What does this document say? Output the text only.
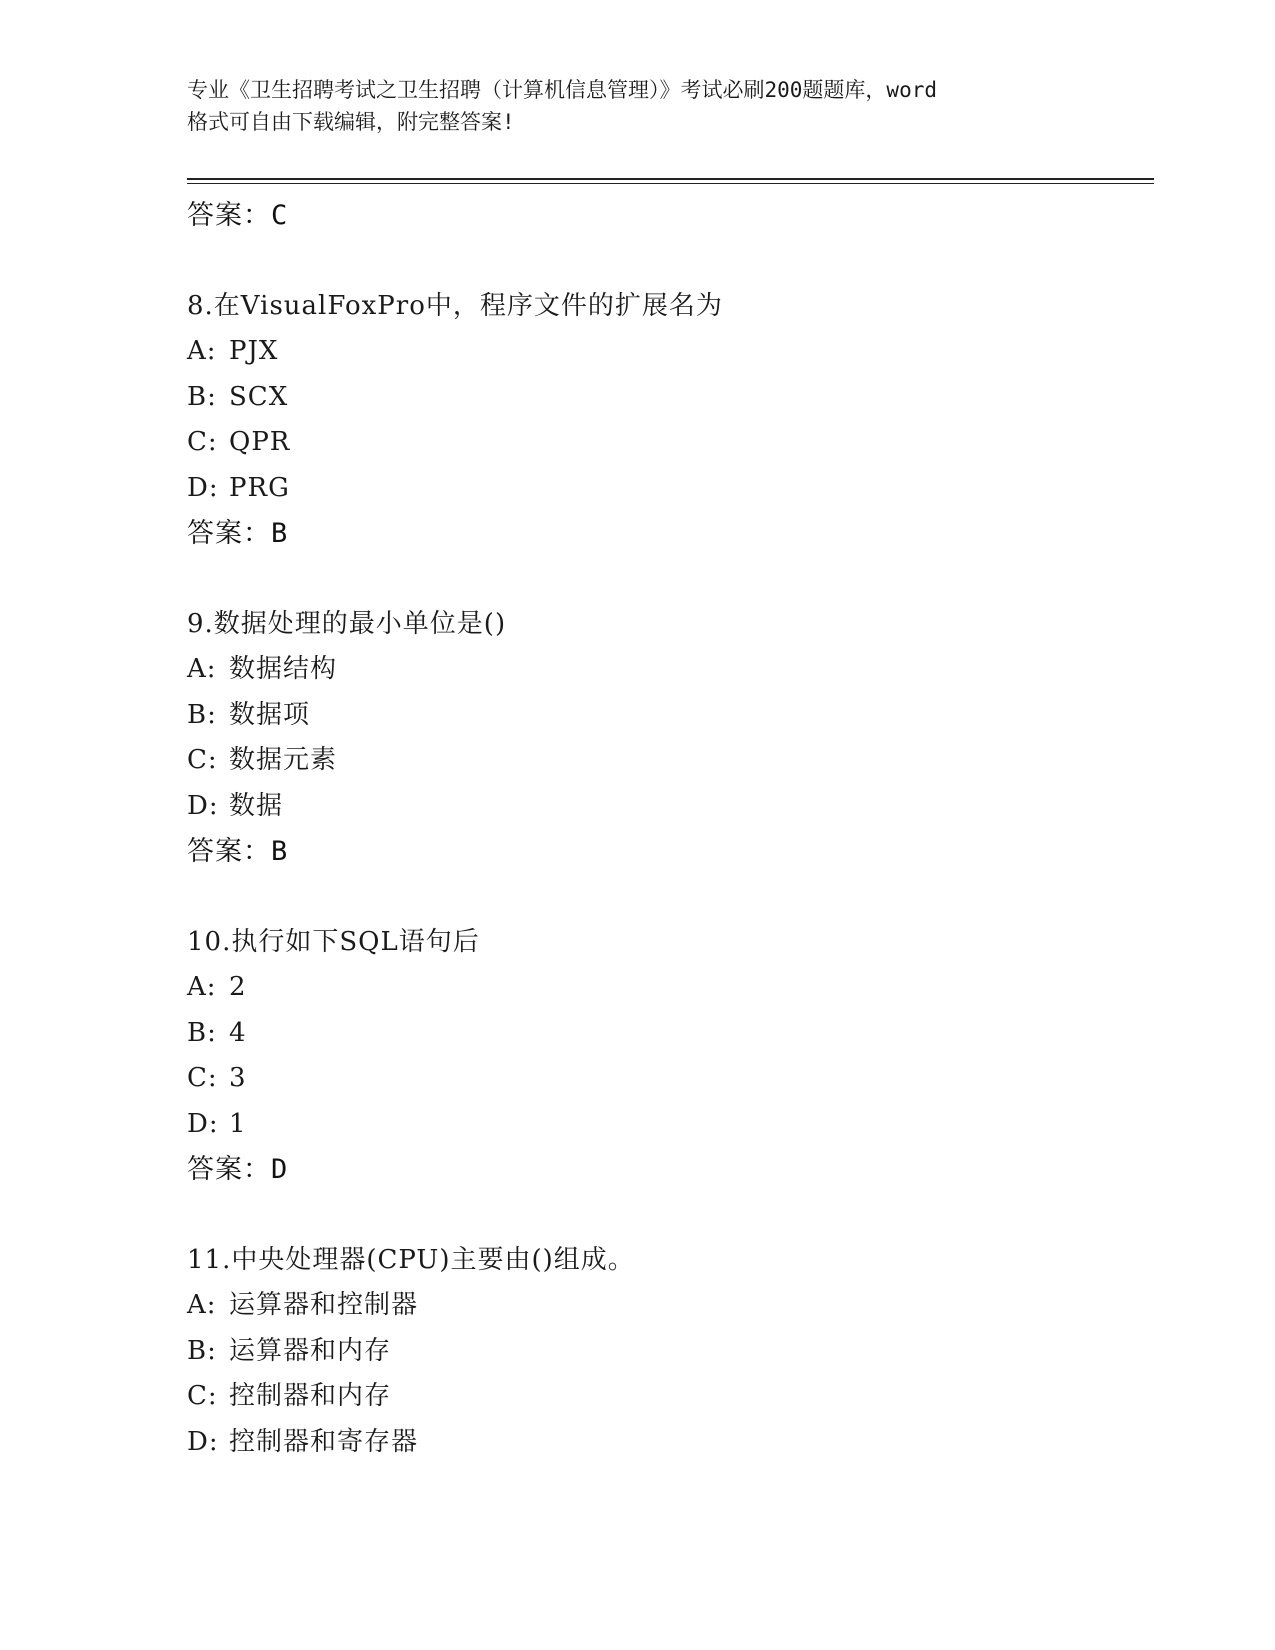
专业《卫生招聘考试之卫生招聘（计算机信息管理）》考试必刷200题题库，word
格式可自由下载编辑，附完整答案!
答案：C
8.在VisualFoxPro中，程序文件的扩展名为
A: PJX
B: SCX
C: QPR
D: PRG
答案：B
9.数据处理的最小单位是()
A: 数据结构
B: 数据项
C: 数据元素
D: 数据
答案：B
10.执行如下SQL语句后
A: 2
B: 4
C: 3
D: 1
答案：D
11.中央处理器(CPU)主要由()组成。
A: 运算器和控制器
B: 运算器和内存
C: 控制器和内存
D: 控制器和寄存器
